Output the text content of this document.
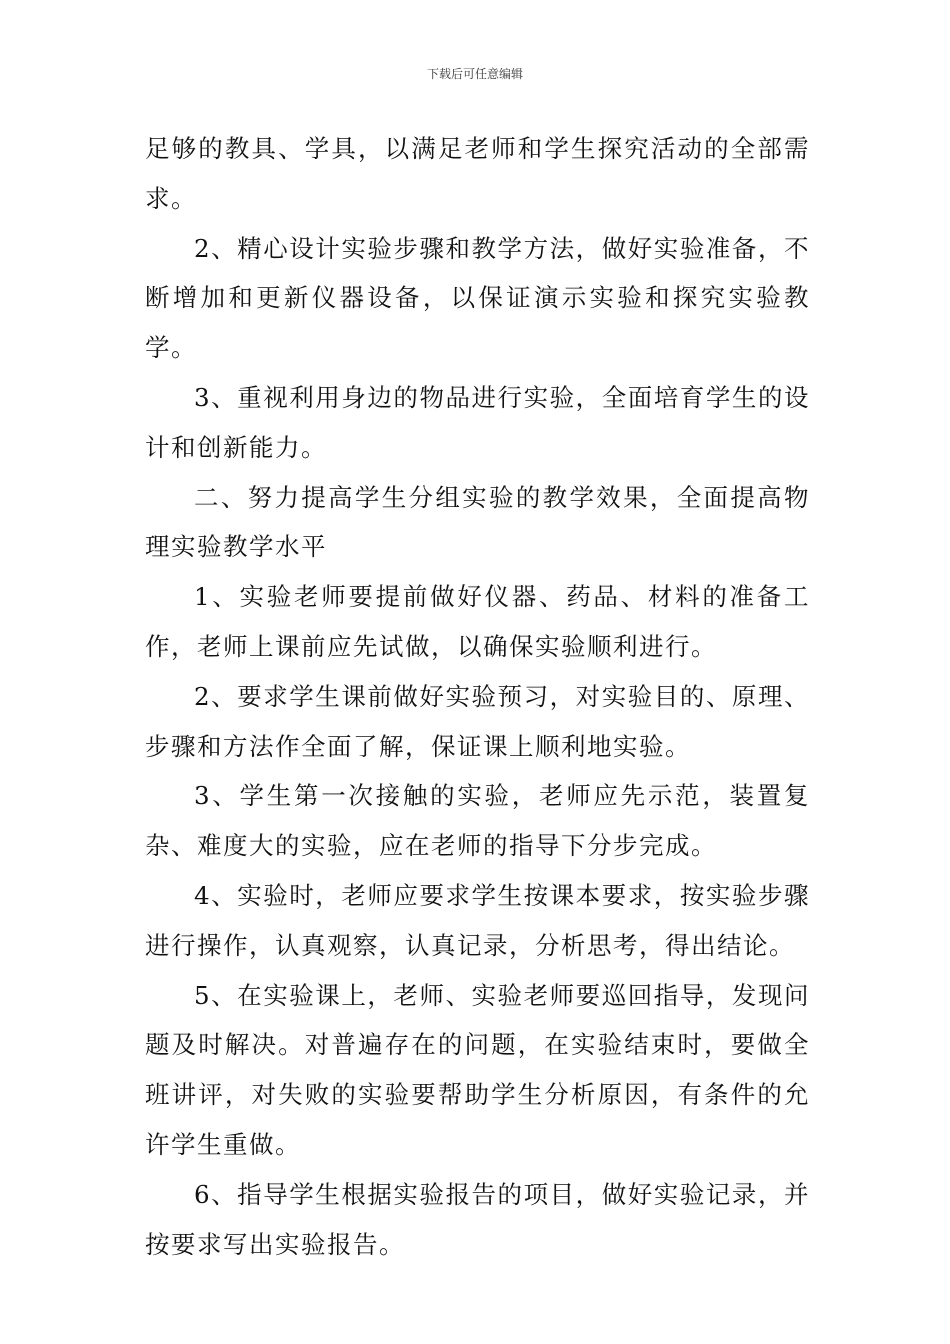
下载后可任意编辑

足够的教具、学具，以满足老师和学生探究活动的全部需求。

2、精心设计实验步骤和教学方法，做好实验准备，不断增加和更新仪器设备，以保证演示实验和探究实验教学。

3、重视利用身边的物品进行实验，全面培育学生的设计和创新能力。

二、努力提高学生分组实验的教学效果，全面提高物理实验教学水平

1、实验老师要提前做好仪器、药品、材料的准备工作，老师上课前应先试做，以确保实验顺利进行。

2、要求学生课前做好实验预习，对实验目的、原理、步骤和方法作全面了解，保证课上顺利地实验。

3、学生第一次接触的实验，老师应先示范，装置复杂、难度大的实验，应在老师的指导下分步完成。

4、实验时，老师应要求学生按课本要求，按实验步骤进行操作，认真观察，认真记录，分析思考，得出结论。

5、在实验课上，老师、实验老师要巡回指导，发现问题及时解决。对普遍存在的问题，在实验结束时，要做全班讲评，对失败的实验要帮助学生分析原因，有条件的允许学生重做。

6、指导学生根据实验报告的项目，做好实验记录，并按要求写出实验报告。
